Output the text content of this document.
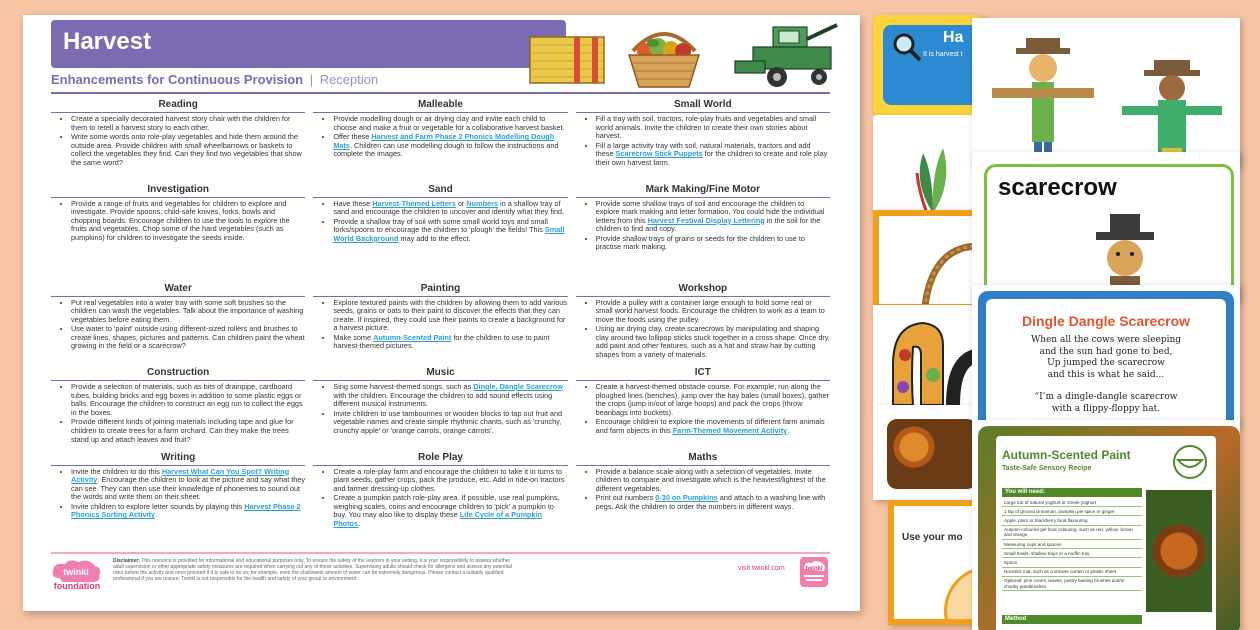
Harvest
Enhancements for Continuous Provision | Reception
Reading
• Create a specially decorated harvest story chair with the children for them to retell a harvest story to each other.
• Write some words onto role-play vegetables and hide them around the outside area. Provide children with small wheelbarrows or baskets to collect the vegetables they find. Can they find two vegetables that show the same word?
Malleable
• Provide modelling dough or air drying clay and invite each child to choose and make a fruit or vegetable for a collaborative harvest basket.
• Offer these Harvest and Farm Phase 2 Phonics Modelling Dough Mats. Children can use modelling dough to follow the instructions and complete the images.
Small World
• Fill a tray with soil, tractors, role-play fruits and vegetables and small world animals. Invite the children to create their own stories about harvest.
• Fill a large activity tray with soil, natural materials, tractors and add these Scarecrow Stick Puppets for the children to create and role play their own harvest farm.
Investigation
• Provide a range of fruits and vegetables for children to explore and investigate. Provide spoons, child-safe knives, forks, bowls and chopping boards. Encourage children to use the tools to explore the fruits and vegetables. Chop some of the hard vegetables (such as pumpkins) for children to investigate the seeds inside.
Sand
• Have these Harvest-Themed Letters or Numbers in a shallow tray of sand and encourage the children to uncover and identify what they find.
• Provide a shallow tray of soil with some small world toys and small forks/spoons to encourage the children to 'plough' the fields! This Small World Background may add to the effect.
Mark Making/Fine Motor
• Provide some shallow trays of soil and encourage the children to explore mark making and letter formation. You could hide the individual letters from this Harvest Festival Display Lettering in the soil for the children to find and copy.
• Provide shallow trays of grains or seeds for the children to use to practise mark making.
Water
• Put real vegetables into a water tray with some soft brushes so the children can wash the vegetables. Talk about the importance of washing vegetables before eating them.
• Use water to 'paint' outside using different-sized rollers and brushes to create lines, shapes, pictures and patterns. Can children paint the wheat growing in the field or a scarecrow?
Painting
• Explore textured paints with the children by allowing them to add various seeds, grains or oats to their paint to discover the effects that they can create. If inspired, they could use their paints to create a background for a harvest picture.
• Make some Autumn-Scented Paint for the children to use to paint harvest-themed pictures.
Workshop
• Provide a pulley with a container large enough to hold some real or small world harvest foods. Encourage the children to work as a team to move the foods using the pulley.
• Using air drying clay, create scarecrows by manipulating and shaping clay around two lollipop sticks stuck together in a cross shape. Once dry, add paint and other features, such as a hat and straw hair by cutting shapes from a variety of materials.
Construction
• Provide a selection of materials, such as bits of drainpipe, cardboard tubes, building bricks and egg boxes in addition to some plastic eggs or balls. Encourage the children to construct an egg run to collect the eggs in the boxes.
• Provide different kinds of joining materials including tape and glue for children to create trees for a farm orchard. Can they make the trees stand up and attach leaves and fruit?
Music
• Sing some harvest-themed songs, such as Dingle, Dangle Scarecrow with the children. Encourage the children to add sound effects using different musical instruments.
• Invite children to use tambourines or wooden blocks to tap out fruit and vegetable names and create simple rhythmic chants, such as 'crunchy, crunchy apple' or 'orange carrots, orange carrots'.
ICT
• Create a harvest-themed obstacle course. For example, run along the ploughed lines (benches), jump over the hay bales (small boxes), gather the crops (jump in/out of large hoops) and pack the crops (throw beanbags into buckets).
• Encourage children to explore the movements of different farm animals and farm objects in this Farm-Themed Movement Activity.
Writing
• Invite the children to do this Harvest What Can You Spot? Writing Activity. Encourage the children to look at the picture and say what they can see. They can then use their knowledge of phonemes to sound out the words and write them on their sheet.
• Invite children to explore letter sounds by playing this Harvest Phase 2 Phonics Sorting Activity.
Role Play
• Create a role-play farm and encourage the children to take it in turns to plant seeds, gather crops, pack the produce, etc. Add in ride-on tractors and farmer dressing-up clothes.
• Create a pumpkin patch role-play area. If possible, use real pumpkins, weighing scales, coins and encourage children to 'pick' a pumpkin to buy. You may also like to display these Life Cycle of a Pumpkin Photos.
Maths
• Provide a balance scale along with a selection of vegetables. Invite children to compare and investigate which is the heaviest/lightest of the different vegetables.
• Print out numbers 0-30 on Pumpkins and attach to a washing line with pegs. Ask the children to order the numbers in different ways.
twinkl
foundation
Disclaimer: This resource is provided for informational and educational purposes only. To ensure the safety of the learners in your setting, it is your responsibility to assess whether adult supervision or other appropriate safety measures are required when carrying out any of these activities. Supervising adults should check for allergens and assess any potential risks before the activity and once proceed if it is safe to do so; for example, even the shallowest amount of water can be extremely dangerous. Please contact a suitably qualified professional if you are unsure. Twinkl is not responsible for the health and safety of your group or environment.
visit twinkl.com	twinkl
Ha
It is harvest t
Use your mo
scarecrow
Dingle Dangle Scarecrow
When all the cows were sleeping
and the sun had gone to bed,
Up jumped the scarecrow
and this is what he said...
“I’m a dingle-dangle scarecrow
with a flippy-floppy hat.
Autumn-Scented Paint
Taste-Safe Sensory Recipe
You will need:
Large tub of natural yoghurt or Greek yoghurt
1 tsp of ground cinnamon, pumpkin pie spice or ginger
Apple, plum or blackberry food flavouring
Autumn-coloured gel food colouring, such as red, yellow, brown and orange
Measuring cups and spoons
Small bowls, shallow trays or a muffin tray
Spoon
Nonstick mat, such as a shower curtain or plastic sheet
Optional: pine cones, leaves, pastry basting brushes and/or chunky paintbrushes
Method
